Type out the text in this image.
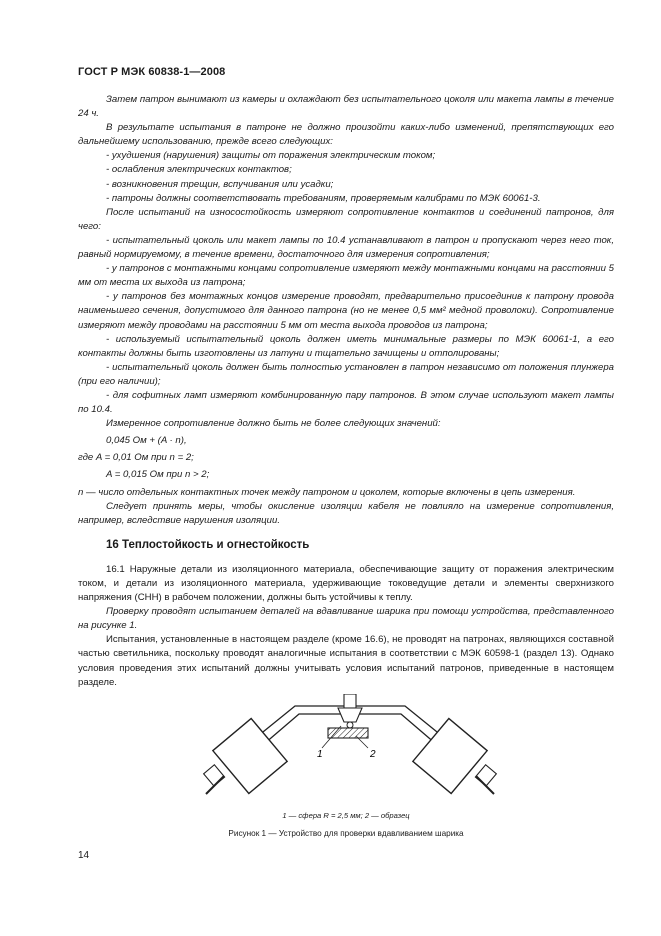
ГОСТ Р МЭК 60838-1—2008

Затем патрон вынимают из камеры и охлаждают без испытательного цоколя или макета лампы в течение 24 ч.

В результате испытания в патроне не должно произойти каких-либо изменений, препятствующих его дальнейшему использованию, прежде всего следующих:

- ухудшения (нарушения) защиты от поражения электрическим током;

- ослабления электрических контактов;

- возникновения трещин, вспучивания или усадки;

- патроны должны соответствовать требованиям, проверяемым калибрами по МЭК 60061-3.

После испытаний на износостойкость измеряют сопротивление контактов и соединений патронов, для чего:

- испытательный цоколь или макет лампы по 10.4 устанавливают в патрон и пропускают через него ток, равный нормируемому, в течение времени, достаточного для измерения сопротивления;

- у патронов с монтажными концами сопротивление измеряют между монтажными концами на расстоянии 5 мм от места их выхода из патрона;

- у патронов без монтажных концов измерение проводят, предварительно присоединив к патрону провода наименьшего сечения, допустимого для данного патрона (но не менее 0,5 мм² медной проволоки). Сопротивление измеряют между проводами на расстоянии 5 мм от места выхода проводов из патрона;

- используемый испытательный цоколь должен иметь минимальные размеры по МЭК 60061-1, а его контакты должны быть изготовлены из латуни и тщательно зачищены и отполированы;

- испытательный цоколь должен быть полностью установлен в патрон независимо от положения плунжера (при его наличии);

- для софитных ламп измеряют комбинированную пару патронов. В этом случае используют макет лампы по 10.4.

Измеренное сопротивление должно быть не более следующих значений:

0,045 Ом + (A · n),

где A = 0,01 Ом при n = 2;

A = 0,015 Ом при n > 2;

n — число отдельных контактных точек между патроном и цоколем, которые включены в цепь измерения.

Следует принять меры, чтобы окисление изоляции кабеля не повлияло на измерение сопротивления, например, вследствие нарушения изоляции.

16 Теплостойкость и огнестойкость

16.1 Наружные детали из изоляционного материала, обеспечивающие защиту от поражения электрическим током, и детали из изоляционного материала, удерживающие токоведущие детали и элементы сверхнизкого напряжения (СНН) в рабочем положении, должны быть устойчивы к теплу.

Проверку проводят испытанием деталей на вдавливание шарика при помощи устройства, представленного на рисунке 1.

Испытания, установленные в настоящем разделе (кроме 16.6), не проводят на патронах, являющихся составной частью светильника, поскольку проводят аналогичные испытания в соответствии с МЭК 60598-1 (раздел 13). Однако условия проведения этих испытаний должны учитывать условия испытаний патронов, приведенные в настоящем разделе.

1	2
1 — сфера R = 2,5 мм; 2 — образец
Рисунок 1 — Устройство для проверки вдавливанием шарика
14
